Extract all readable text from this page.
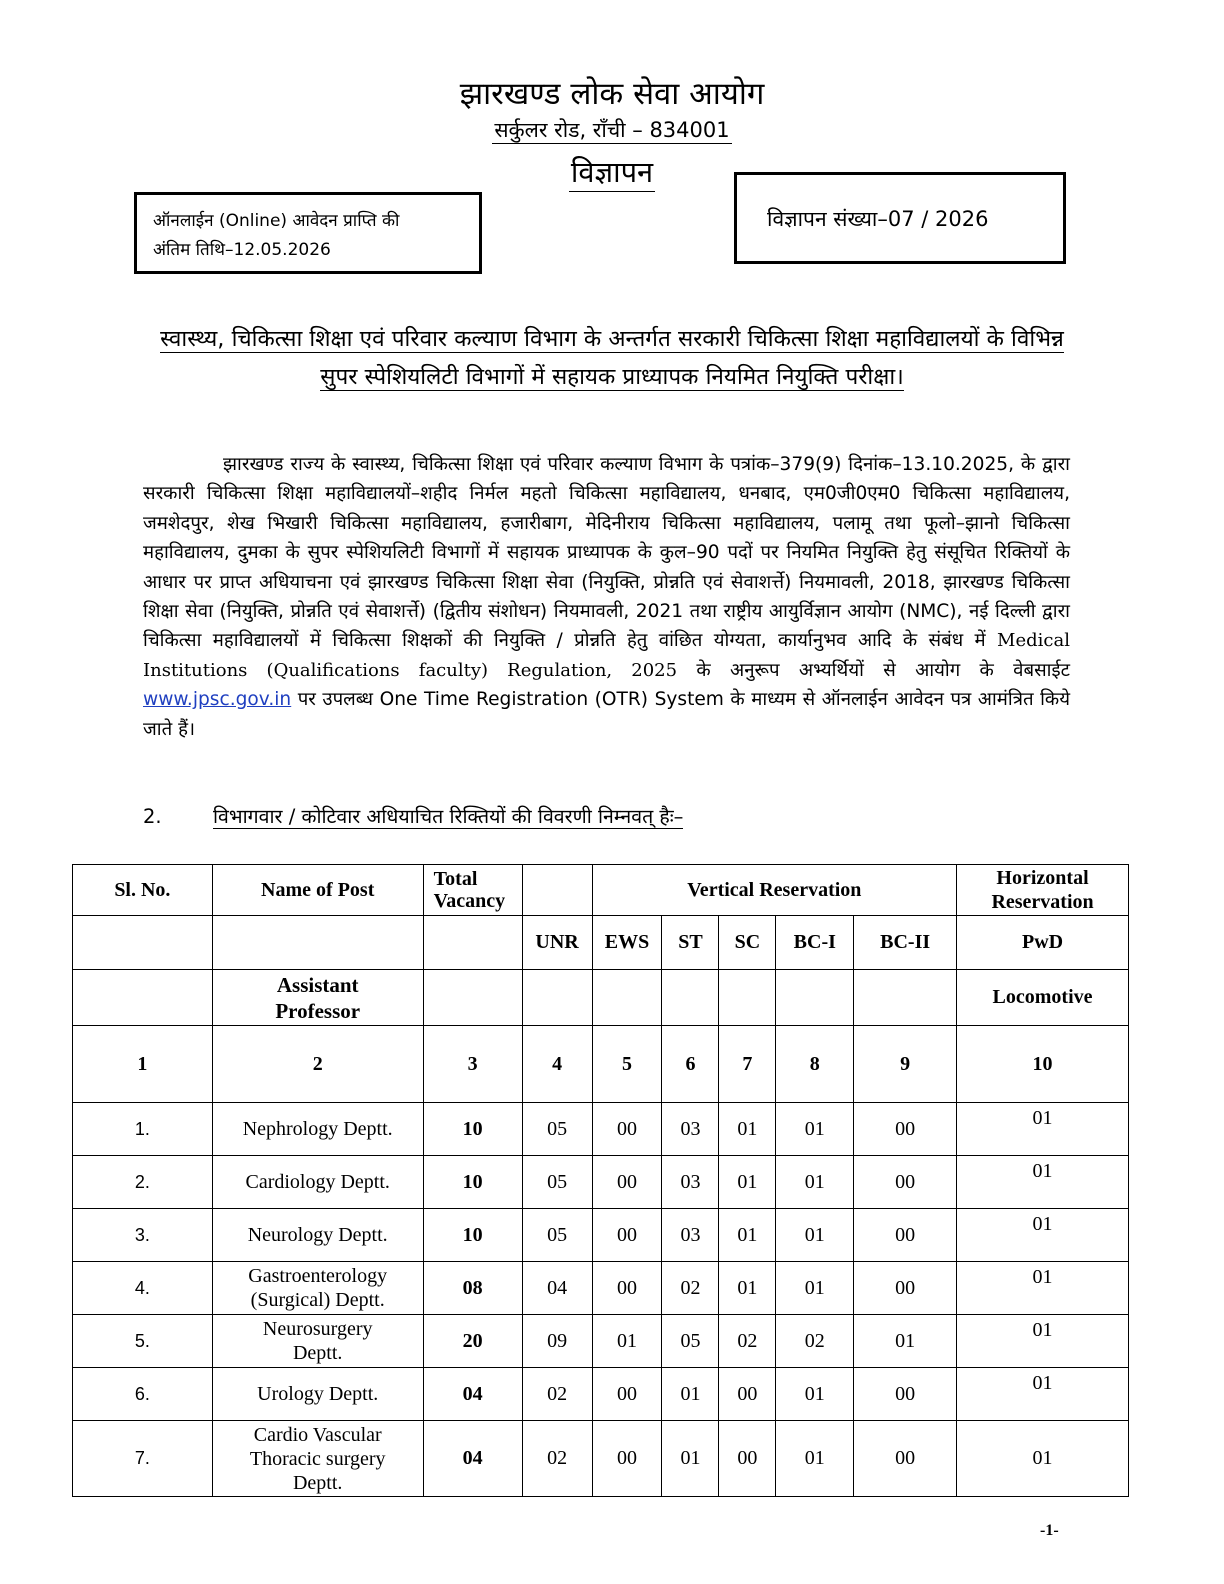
झारखण्ड लोक सेवा आयोग
सर्कुलर रोड, राँची – 834001
विज्ञापन
ऑनलाईन (Online) आवेदन प्राप्ति की
अंतिम तिथि–12.05.2026
विज्ञापन संख्या–07 / 2026
स्वास्थ्य, चिकित्सा शिक्षा एवं परिवार कल्याण विभाग के अन्तर्गत सरकारी चिकित्सा शिक्षा महाविद्यालयों के विभिन्न सुपर स्पेशियलिटी विभागों में सहायक प्राध्यापक नियमित नियुक्ति परीक्षा।
झारखण्ड राज्य के स्वास्थ्य, चिकित्सा शिक्षा एवं परिवार कल्याण विभाग के पत्रांक–379(9) दिनांक–13.10.2025, के द्वारा सरकारी चिकित्सा शिक्षा महाविद्यालयों–शहीद निर्मल महतो चिकित्सा महाविद्यालय, धनबाद, एम0जी0एम0 चिकित्सा महाविद्यालय, जमशेदपुर, शेख भिखारी चिकित्सा महाविद्यालय, हजारीबाग, मेदिनीराय चिकित्सा महाविद्यालय, पलामू तथा फूलो–झानो चिकित्सा महाविद्यालय, दुमका के सुपर स्पेशियलिटी विभागों में सहायक प्राध्यापक के कुल–90 पदों पर नियमित नियुक्ति हेतु संसूचित रिक्तियों के आधार पर प्राप्त अधियाचना एवं झारखण्ड चिकित्सा शिक्षा सेवा (नियुक्ति, प्रोन्नति एवं सेवाशर्त्ते) नियमावली, 2018, झारखण्ड चिकित्सा शिक्षा सेवा (नियुक्ति, प्रोन्नति एवं सेवाशर्त्ते) (द्वितीय संशोधन) नियमावली, 2021 तथा राष्ट्रीय आयुर्विज्ञान आयोग (NMC), नई दिल्ली द्वारा चिकित्सा महाविद्यालयों में चिकित्सा शिक्षकों की नियुक्ति / प्रोन्नति हेतु वांछित योग्यता, कार्यानुभव आदि के संबंध में Medical Institutions (Qualifications faculty) Regulation, 2025 के अनुरूप अभ्यर्थियों से आयोग के वेबसाईट www.jpsc.gov.in पर उपलब्ध One Time Registration (OTR) System के माध्यम से ऑनलाईन आवेदन पत्र आमंत्रित किये जाते हैं।
2.	विभागवार / कोटिवार अधियाचित रिक्तियों की विवरणी निम्नवत् हैः–
Sl. No.	Name of Post	Total Vacancy		Vertical Reservation					Horizontal Reservation
			UNR	EWS	ST	SC	BC-I	BC-II	PwD
	Assistant Professor								Locomotive
1	2	3	4	5	6	7	8	9	10
1.	Nephrology Deptt.	10	05	00	03	01	01	00	01
2.	Cardiology Deptt.	10	05	00	03	01	01	00	01
3.	Neurology Deptt.	10	05	00	03	01	01	00	01
4.	Gastroenterology (Surgical) Deptt.	08	04	00	02	01	01	00	01
5.	Neurosurgery Deptt.	20	09	01	05	02	02	01	01
6.	Urology Deptt.	04	02	00	01	00	01	00	01
7.	Cardio Vascular Thoracic surgery Deptt.	04	02	00	01	00	01	00	01
-1-
